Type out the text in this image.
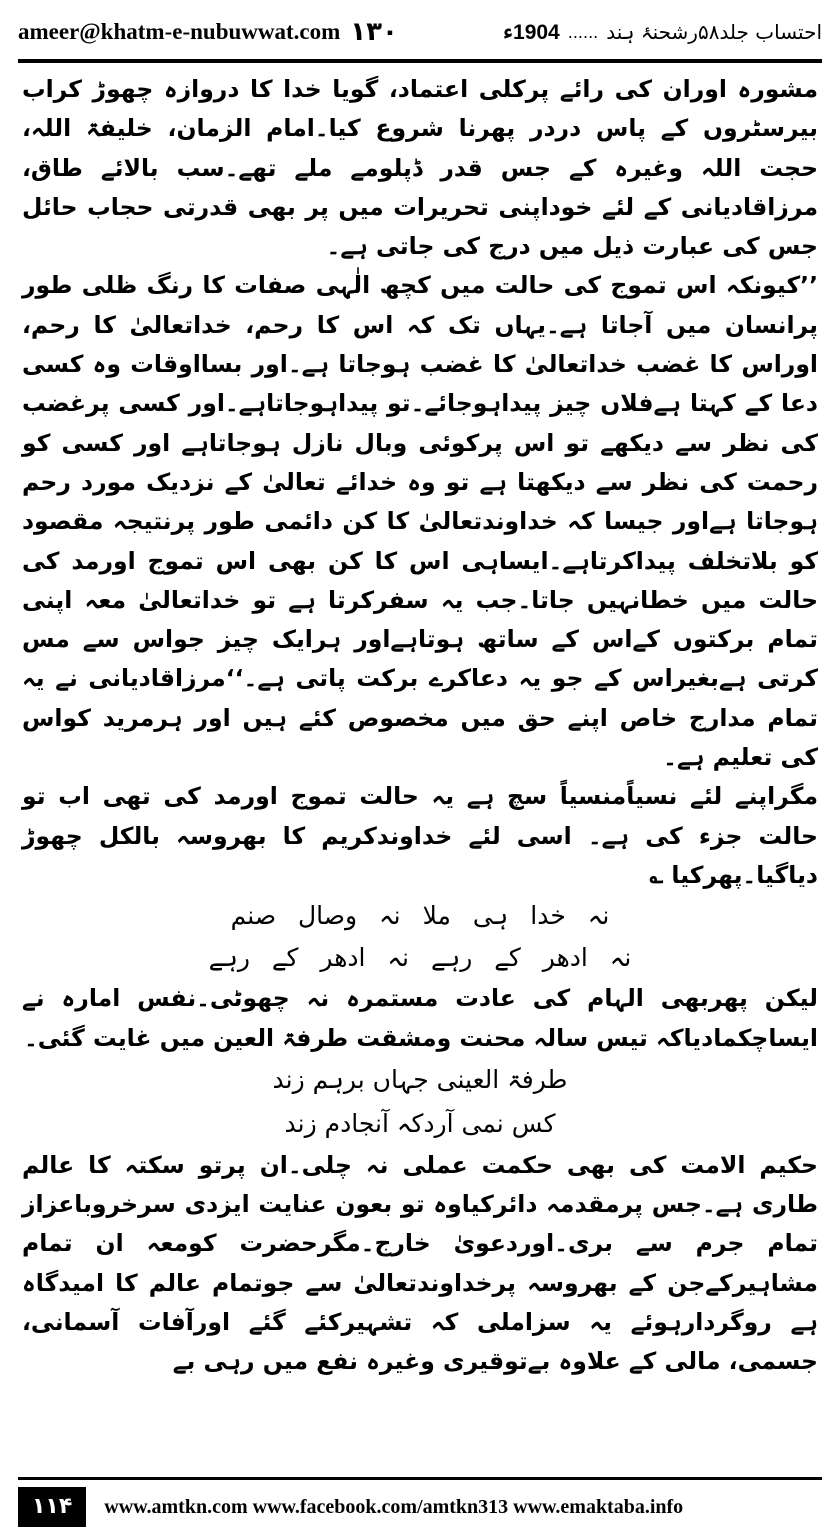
ameer@khatm-e-nubuwwat.com ۱۳۰	احتساب جلد۵۸رشحنۂ ہند
......
1904ء

مشورہ اوران کی رائے پرکلی اعتماد، گویا خدا کا دروازہ چھوڑ کراب بیرسٹروں کے پاس دردر پھرنا شروع کیا۔امام الزمان، خلیفۃ اللہ، حجت اللہ وغیرہ کے جس قدر ڈپلومے ملے تھے۔سب بالائے طاق، مرزاقادیانی کے لئے خوداپنی تحریرات میں پر بھی قدرتی حجاب حائل جس کی عبارت ذیل میں درج کی جاتی ہے۔

’’کیونکہ اس تموج کی حالت میں کچھ الٰہی صفات کا رنگ ظلی طور پرانسان میں آجاتا ہے۔یہاں تک کہ اس کا رحم، خداتعالیٰ کا رحم، اوراس کا غضب خداتعالیٰ کا غضب ہوجاتا ہے۔اور بسااوقات وہ کسی دعا کے کہتا ہےفلاں چیز پیداہوجائے۔تو پیداہوجاتاہے۔اور کسی پرغضب کی نظر سے دیکھے تو اس پرکوئی وبال نازل ہوجاتاہے اور کسی کو رحمت کی نظر سے دیکھتا ہے تو وہ خدائے تعالیٰ کے نزدیک مورد رحم ہوجاتا ہےاور جیسا کہ خداوندتعالیٰ کا کن دائمی طور پرنتیجہ مقصود کو بلاتخلف پیداکرتاہے۔ایساہی اس کا کن بھی اس تموج اورمد کی حالت میں خطانہیں جاتا۔جب یہ سفرکرتا ہے تو خداتعالیٰ معہ اپنی تمام برکتوں کےاس کے ساتھ ہوتاہےاور ہرایک چیز جواس سے مس کرتی ہےبغیراس کے جو یہ دعاکرے برکت پاتی ہے۔‘‘مرزاقادیانی نے یہ تمام مدارج خاص اپنے حق میں مخصوص کئے ہیں اور ہرمرید کواس کی تعلیم ہے۔

مگراپنے لئے نسیاًمنسیاً سچ ہے یہ حالت تموج اورمد کی تھی اب تو حالت جزء کی ہے۔ اسی لئے خداوندکریم کا بھروسہ بالکل چھوڑ دیاگیا۔پھرکیا ؎

نہ خدا ہی ملا نہ وصال صنم
نہ ادھر کے رہے نہ ادھر کے رہے

لیکن پھربھی الہام کی عادت مستمرہ نہ چھوٹی۔نفس امارہ نے ایساچکمادیاکہ تیس سالہ محنت ومشقت طرفۃ العین میں غایت گئی۔

طرفۃ العینی جہاں برہم زند
کس نمی آردکہ آنجادم زند

حکیم الامت کی بھی حکمت عملی نہ چلی۔ان پرتو سکتہ کا عالم طاری ہے۔جس پرمقدمہ دائرکیاوہ تو بعون عنایت ایزدی سرخروباعزاز تمام جرم سے بری۔اوردعویٰ خارج۔مگرحضرت کومعہ ان تمام مشاہیرکےجن کے بھروسہ پرخداوندتعالیٰ سے جوتمام عالم کا امیدگاہ ہے روگردارہوئے یہ سزاملی کہ تشہیرکئے گئے اورآفات آسمانی، جسمی، مالی کے علاوہ بےتوقیری وغیرہ نفع میں رہی بے

۱۱۴	www.amtkn.com www.facebook.com/amtkn313 www.emaktaba.info
